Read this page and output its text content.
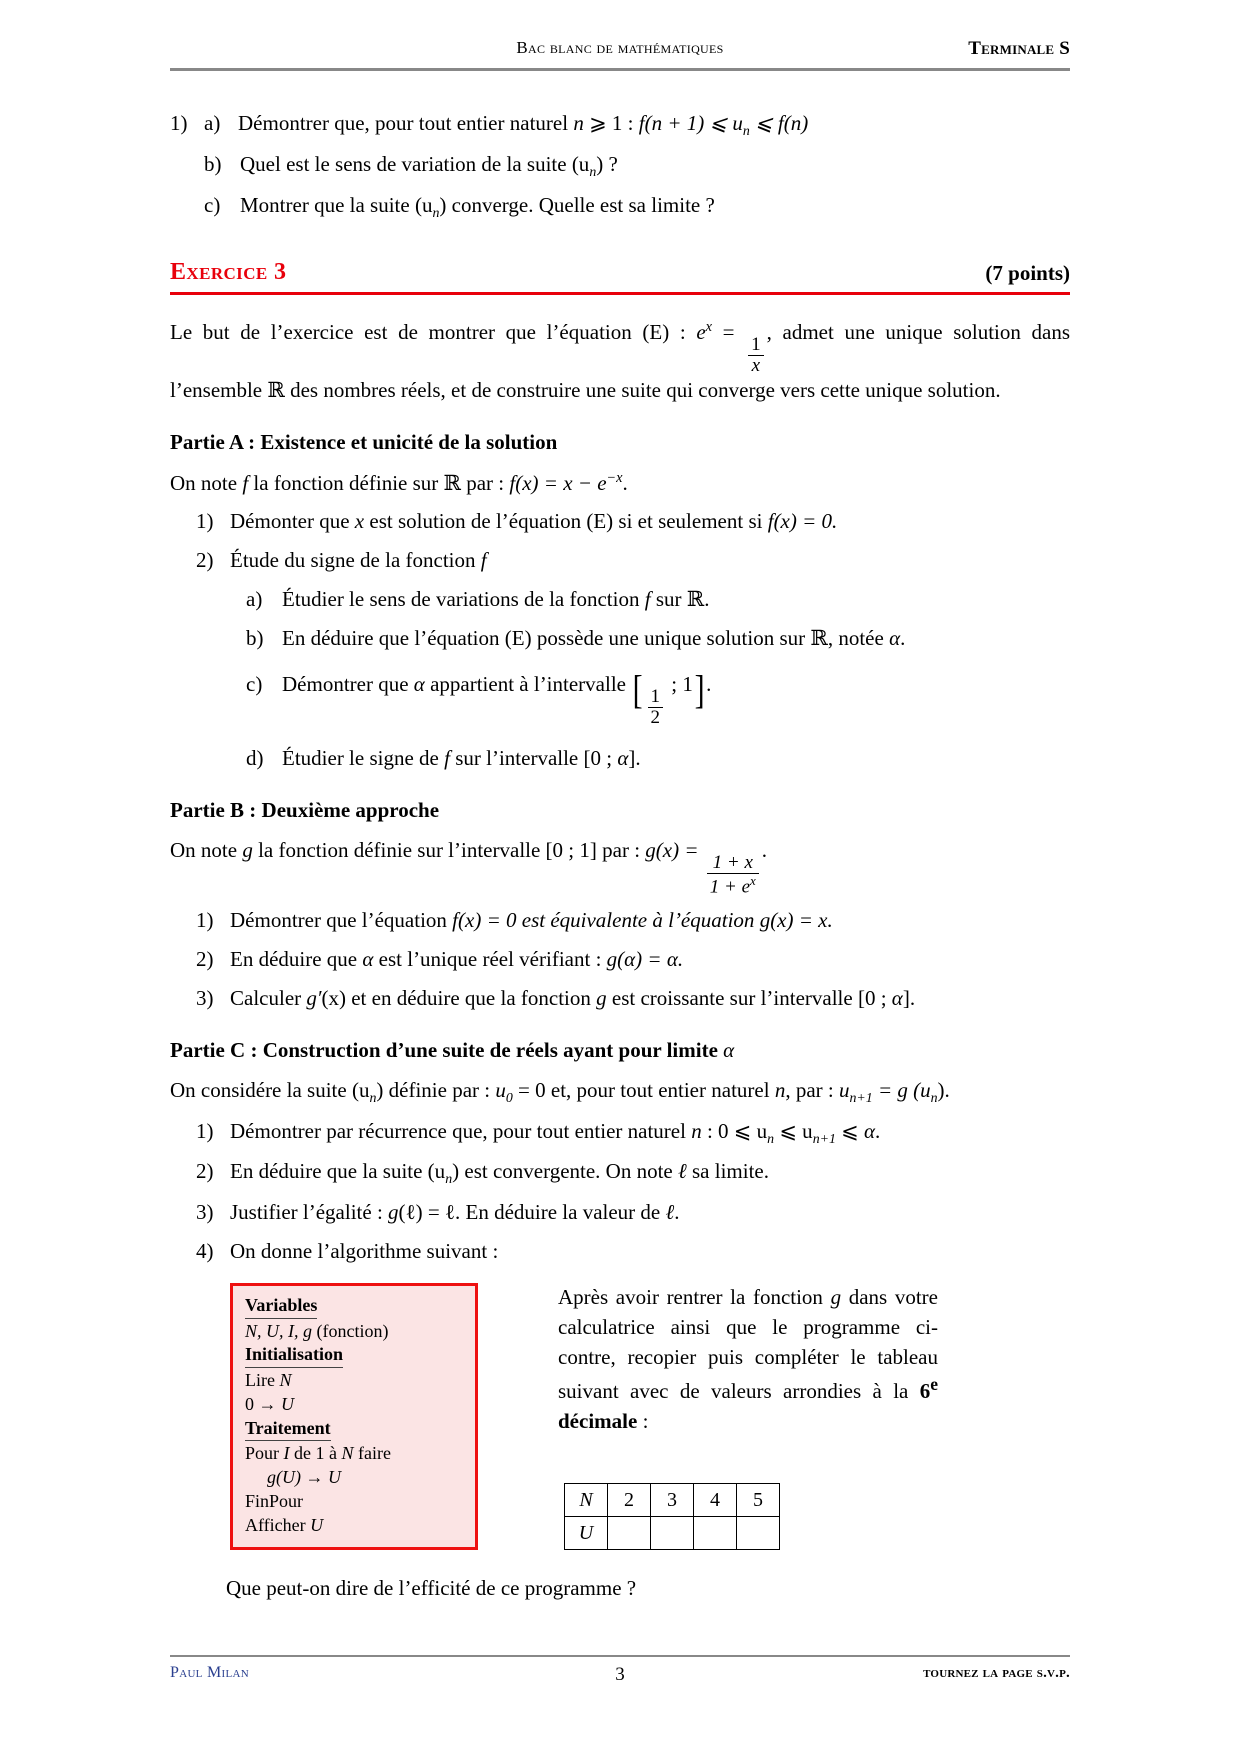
Bac blanc de mathématiques	Terminale S
1) a) Démontrer que, pour tout entier naturel n ⩾ 1 : f(n + 1) ⩽ $u_n$ ⩽ f(n)
b) Quel est le sens de variation de la suite $(u_n)$ ?
c) Montrer que la suite $(u_n)$ converge. Quelle est sa limite ?
Exercice 3	(7 points)

Le but de l’exercice est de montrer que l’équation (E) : $e^x$ =
$\frac{1}{x}$
, admet une unique solution dans l’ensemble ℝ des nombres réels, et de construire une suite qui converge vers cette unique solution.

Partie A : Existence et unicité de la solution

On note f la fonction définie sur ℝ par : $f(x) = x - e^{-x}$.

1) Démonter que x est solution de l’équation (E) si et seulement si f(x) = 0.
2) Étude du signe de la fonction f
a) Étudier le sens de variations de la fonction f sur ℝ.
b) En déduire que l’équation (E) possède une unique solution sur ℝ, notée α.
c) Démontrer que α appartient à l’intervalle [ $\frac{1}{2}$
; 1].
d) Étudier le signe de f sur l’intervalle [0 ; α].
Partie B : Deuxième approche

On note g la fonction définie sur l’intervalle [0 ; 1] par : g(x) =
$\frac{1 + x}{1 + e^x}$
.

1) Démontrer que l’équation f(x) = 0 est équivalente à l’équation g(x) = x.
2) En déduire que α est l’unique réel vérifiant : g(α) = α.
3) Calculer g′(x) et en déduire que la fonction g est croissante sur l’intervalle [0 ; α].
Partie C : Construction d’une suite de réels ayant pour limite α

On considére la suite $(u_n)$ définie par : $u_0 = 0$ et, pour tout entier naturel n, par : $u_{n+1} = g$ $(u_n)$.

1) Démontrer par récurrence que, pour tout entier naturel n : 0 ⩽ $u_n$ ⩽ $u_{n+1}$ ⩽ α.
2) En déduire que la suite $(u_n)$ est convergente. On note ℓ sa limite.
3) Justifier l’égalité : g(ℓ) = ℓ. En déduire la valeur de ℓ.
4) On donne l’algorithme suivant :
Variables
N, U, I, g (fonction)
Initialisation
Lire N
0 → U
Traitement
Pour I de 1 à N faire
g(U) → U
FinPour
Afficher U
Après avoir rentrer la fonction g dans votre calculatrice ainsi que le programme ci-contre, recopier puis compléter le tableau suivant avec de valeurs arrondies à la 6e décimale :
N	2	3	4	5
U				
Que peut-on dire de l’efficité de ce programme ?
Paul Milan	3	tournez la page s.v.p.
